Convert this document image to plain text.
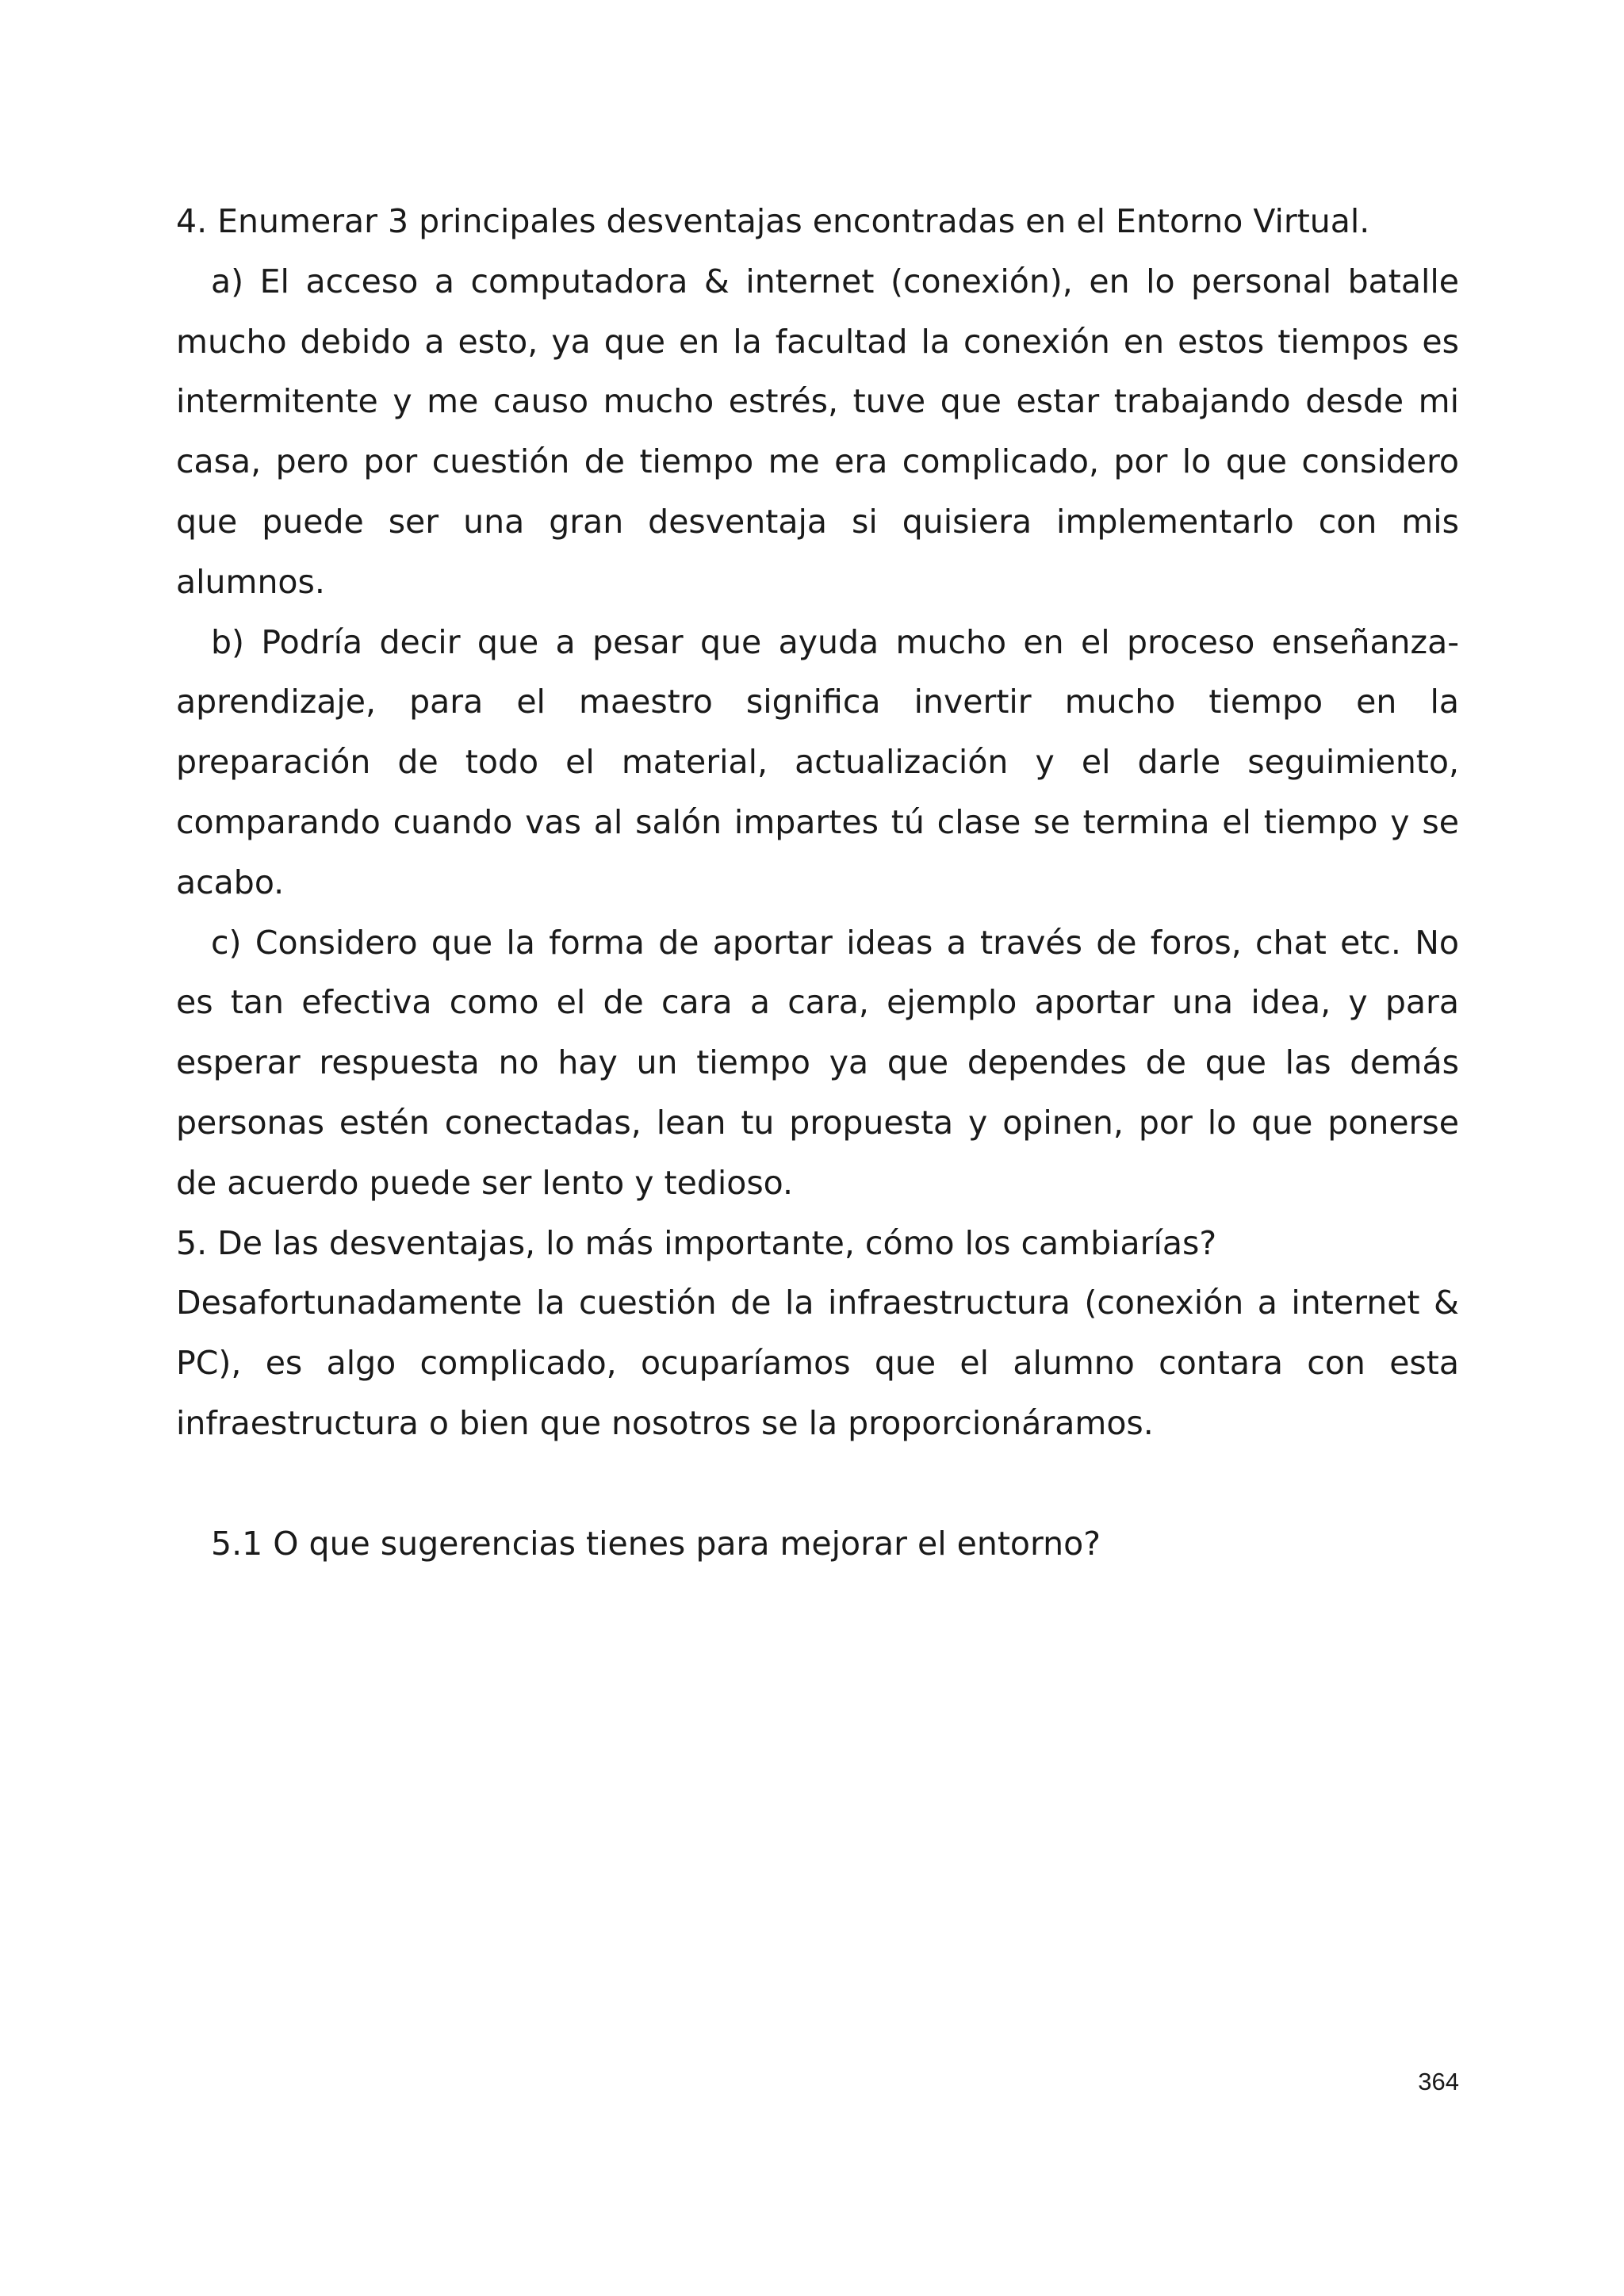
4. Enumerar 3 principales desventajas encontradas en el Entorno Virtual.

a) El acceso a computadora & internet (conexión), en lo personal batalle

mucho debido a esto, ya que en la facultad la conexión en estos tiempos es

intermitente y me causo mucho estrés, tuve que estar trabajando desde mi

casa, pero por cuestión de tiempo me era complicado, por lo que considero

que puede ser una gran desventaja si quisiera implementarlo con mis

alumnos.

b) Podría decir que a pesar que ayuda mucho en el proceso enseñanza-

aprendizaje, para el maestro significa invertir mucho tiempo en la

preparación de todo el material, actualización y el darle seguimiento,

comparando cuando vas al salón impartes tú clase se termina el tiempo y se

acabo.

c) Considero que la forma de aportar ideas a través de foros, chat etc. No

es tan efectiva como el de cara a cara, ejemplo aportar una idea, y para

esperar respuesta no hay un tiempo ya que dependes de que las demás

personas estén conectadas, lean tu propuesta y opinen, por lo que ponerse

de acuerdo puede ser lento y tedioso.

5. De las desventajas, lo más importante, cómo los cambiarías?

Desafortunadamente la cuestión de la infraestructura (conexión a internet &

PC), es algo complicado, ocuparíamos que el alumno contara con esta

infraestructura o bien que nosotros se la proporcionáramos.

5.1 O que sugerencias tienes para mejorar el entorno?

364
